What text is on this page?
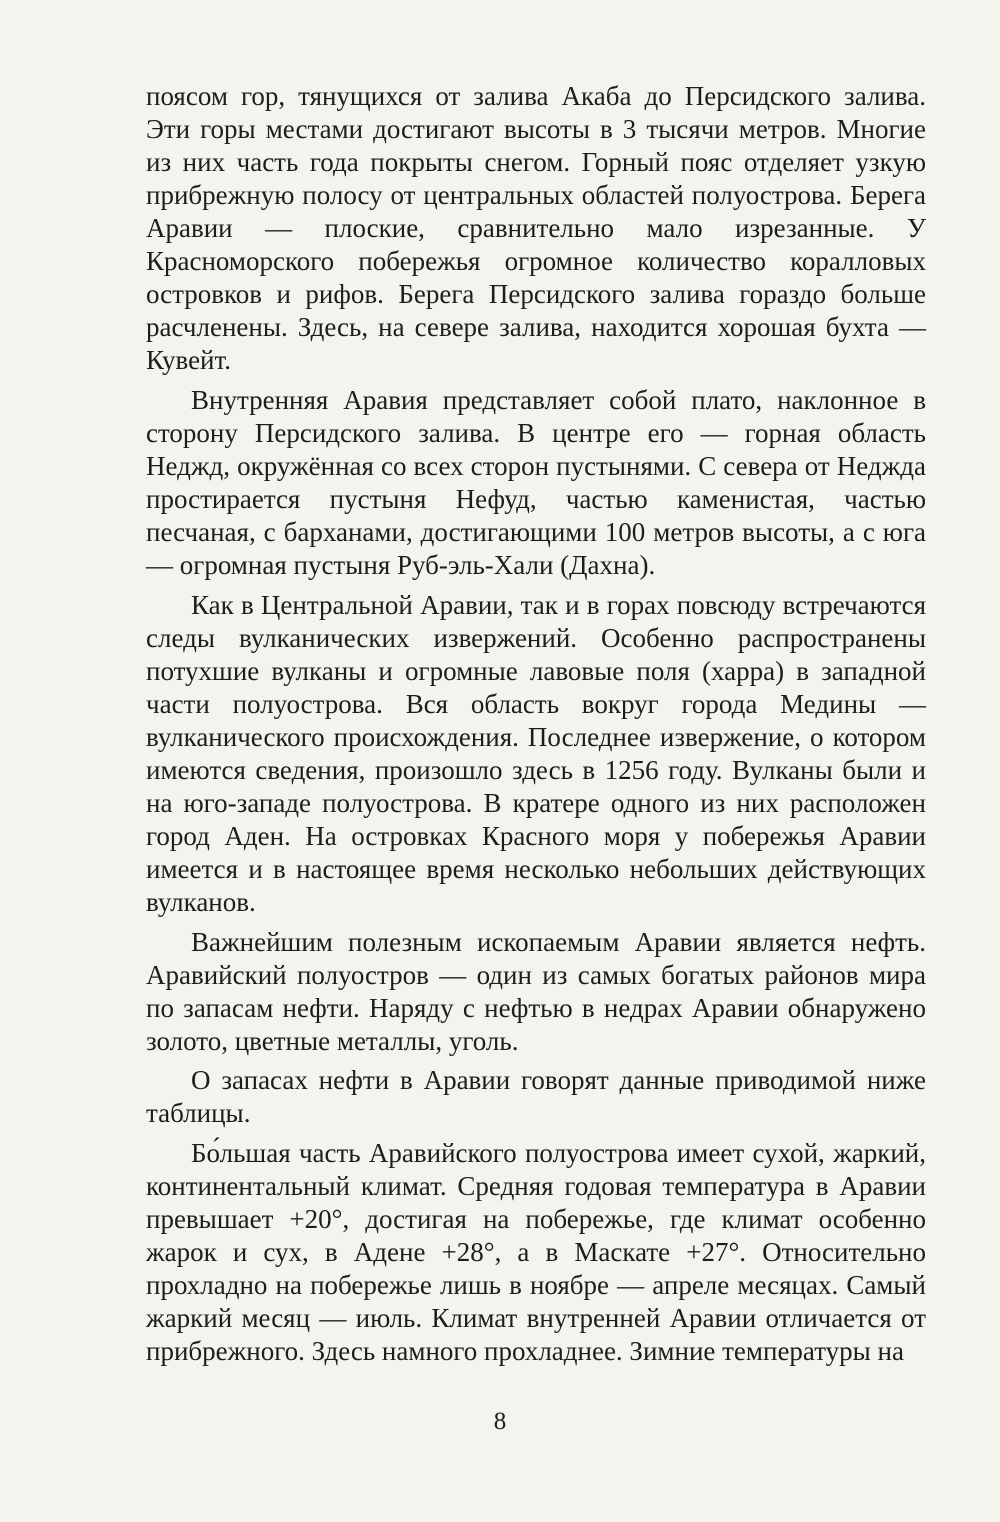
поясом гор, тянущихся от залива Акаба до Персидского залива. Эти горы местами достигают высоты в 3 тысячи метров. Многие из них часть года покрыты снегом. Горный пояс отделяет узкую прибрежную полосу от центральных областей полуострова. Берега Аравии — плоские, сравнительно мало изрезанные. У Красноморского побережья огромное количество коралловых островков и рифов. Берега Персидского залива гораздо больше расчленены. Здесь, на севере залива, находится хорошая бухта — Кувейт.

Внутренняя Аравия представляет собой плато, наклонное в сторону Персидского залива. В центре его — горная область Неджд, окружённая со всех сторон пустынями. С севера от Неджда простирается пустыня Нефуд, частью каменистая, частью песчаная, с барханами, достигающими 100 метров высоты, а с юга — огромная пустыня Руб-эль-Хали (Дахна).

Как в Центральной Аравии, так и в горах повсюду встречаются следы вулканических извержений. Особенно распространены потухшие вулканы и огромные лавовые поля (харра) в западной части полуострова. Вся область вокруг города Медины — вулканического происхождения. Последнее извержение, о котором имеются сведения, произошло здесь в 1256 году. Вулканы были и на юго-западе полуострова. В кратере одного из них расположен город Аден. На островках Красного моря у побережья Аравии имеется и в настоящее время несколько небольших действующих вулканов.

Важнейшим полезным ископаемым Аравии является нефть. Аравийский полуостров — один из самых богатых районов мира по запасам нефти. Наряду с нефтью в недрах Аравии обнаружено золото, цветные металлы, уголь.

О запасах нефти в Аравии говорят данные приводимой ниже таблицы.

Бо́льшая часть Аравийского полуострова имеет сухой, жаркий, континентальный климат. Средняя годовая температура в Аравии превышает +20°, достигая на побережье, где климат особенно жарок и сух, в Адене +28°, а в Маскате +27°. Относительно прохладно на побережье лишь в ноябре — апреле месяцах. Самый жаркий месяц — июль. Климат внутренней Аравии отличается от прибрежного. Здесь намного прохладнее. Зимние температуры на

8
